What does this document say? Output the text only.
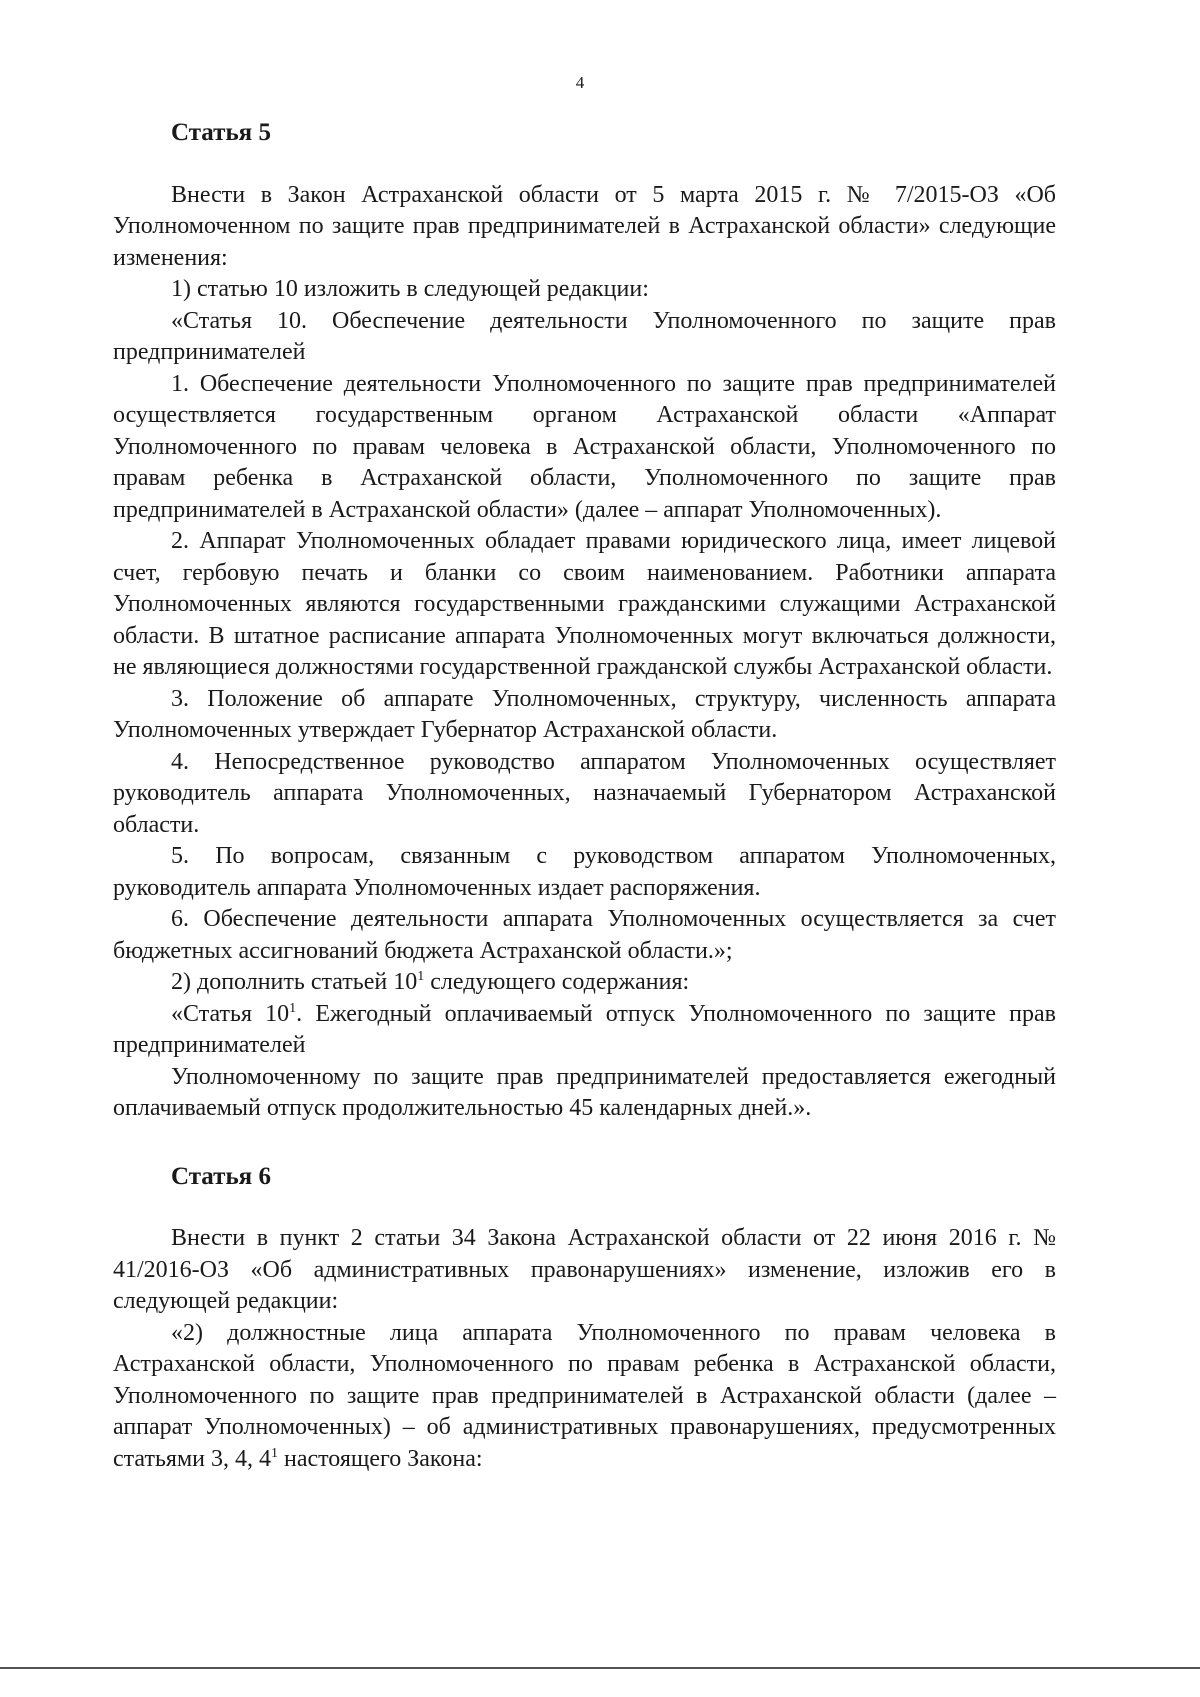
4
Статья 5

Внести в Закон Астраханской области от 5 марта 2015 г. № 7/2015-ОЗ «Об Уполномоченном по защите прав предпринимателей в Астраханской области» следующие изменения:

1) статью 10 изложить в следующей редакции:

«Статья 10. Обеспечение деятельности Уполномоченного по защите прав предпринимателей

1. Обеспечение деятельности Уполномоченного по защите прав предпринимателей осуществляется государственным органом Астраханской области «Аппарат Уполномоченного по правам человека в Астраханской области, Уполномоченного по правам ребенка в Астраханской области, Уполномоченного по защите прав предпринимателей в Астраханской области» (далее – аппарат Уполномоченных).

2. Аппарат Уполномоченных обладает правами юридического лица, имеет лицевой счет, гербовую печать и бланки со своим наименованием. Работники аппарата Уполномоченных являются государственными гражданскими служащими Астраханской области. В штатное расписание аппарата Уполномоченных могут включаться должности, не являющиеся должностями государственной гражданской службы Астраханской области.

3. Положение об аппарате Уполномоченных, структуру, численность аппарата Уполномоченных утверждает Губернатор Астраханской области.

4. Непосредственное руководство аппаратом Уполномоченных осуществляет руководитель аппарата Уполномоченных, назначаемый Губернатором Астраханской области.

5. По вопросам, связанным с руководством аппаратом Уполномоченных, руководитель аппарата Уполномоченных издает распоряжения.

6. Обеспечение деятельности аппарата Уполномоченных осуществляется за счет бюджетных ассигнований бюджета Астраханской области.»;

2) дополнить статьей $10^1$ следующего содержания:

«Статья $10^1$. Ежегодный оплачиваемый отпуск Уполномоченного по защите прав предпринимателей

Уполномоченному по защите прав предпринимателей предоставляется ежегодный оплачиваемый отпуск продолжительностью 45 календарных дней.».

Статья 6

Внести в пункт 2 статьи 34 Закона Астраханской области от 22 июня 2016 г. № 41/2016-ОЗ «Об административных правонарушениях» изменение, изложив его в следующей редакции:

«2) должностные лица аппарата Уполномоченного по правам человека в Астраханской области, Уполномоченного по правам ребенка в Астраханской области, Уполномоченного по защите прав предпринимателей в Астраханской области (далее – аппарат Уполномоченных) – об административных правонарушениях, предусмотренных статьями 3, 4, $4^1$ настоящего Закона:
